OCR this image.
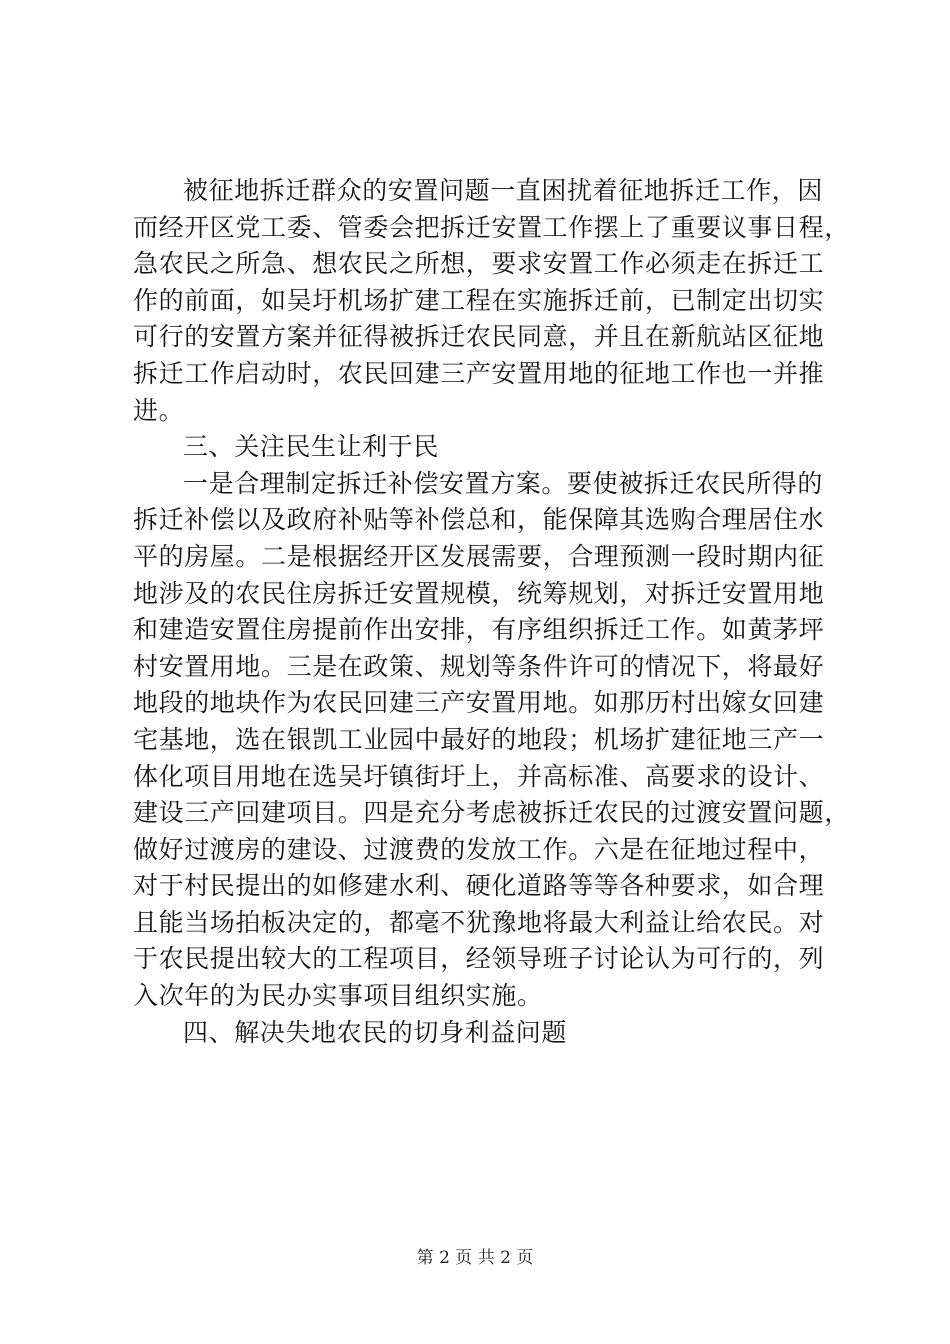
被征地拆迁群众的安置问题一直困扰着征地拆迁工作，因
而经开区党工委、管委会把拆迁安置工作摆上了重要议事日程，
急农民之所急、想农民之所想，要求安置工作必须走在拆迁工
作的前面，如吴圩机场扩建工程在实施拆迁前，已制定出切实
可行的安置方案并征得被拆迁农民同意，并且在新航站区征地
拆迁工作启动时，农民回建三产安置用地的征地工作也一并推
进。
三、关注民生让利于民
一是合理制定拆迁补偿安置方案。要使被拆迁农民所得的
拆迁补偿以及政府补贴等补偿总和，能保障其选购合理居住水
平的房屋。二是根据经开区发展需要，合理预测一段时期内征
地涉及的农民住房拆迁安置规模，统筹规划，对拆迁安置用地
和建造安置住房提前作出安排，有序组织拆迁工作。如黄茅坪
村安置用地。三是在政策、规划等条件许可的情况下，将最好
地段的地块作为农民回建三产安置用地。如那历村出嫁女回建
宅基地，选在银凯工业园中最好的地段；机场扩建征地三产一
体化项目用地在选吴圩镇街圩上，并高标准、高要求的设计、
建设三产回建项目。四是充分考虑被拆迁农民的过渡安置问题，
做好过渡房的建设、过渡费的发放工作。六是在征地过程中，
对于村民提出的如修建水利、硬化道路等等各种要求，如合理
且能当场拍板决定的，都毫不犹豫地将最大利益让给农民。对
于农民提出较大的工程项目，经领导班子讨论认为可行的，列
入次年的为民办实事项目组织实施。
四、解决失地农民的切身利益问题
第 2 页 共 2 页
